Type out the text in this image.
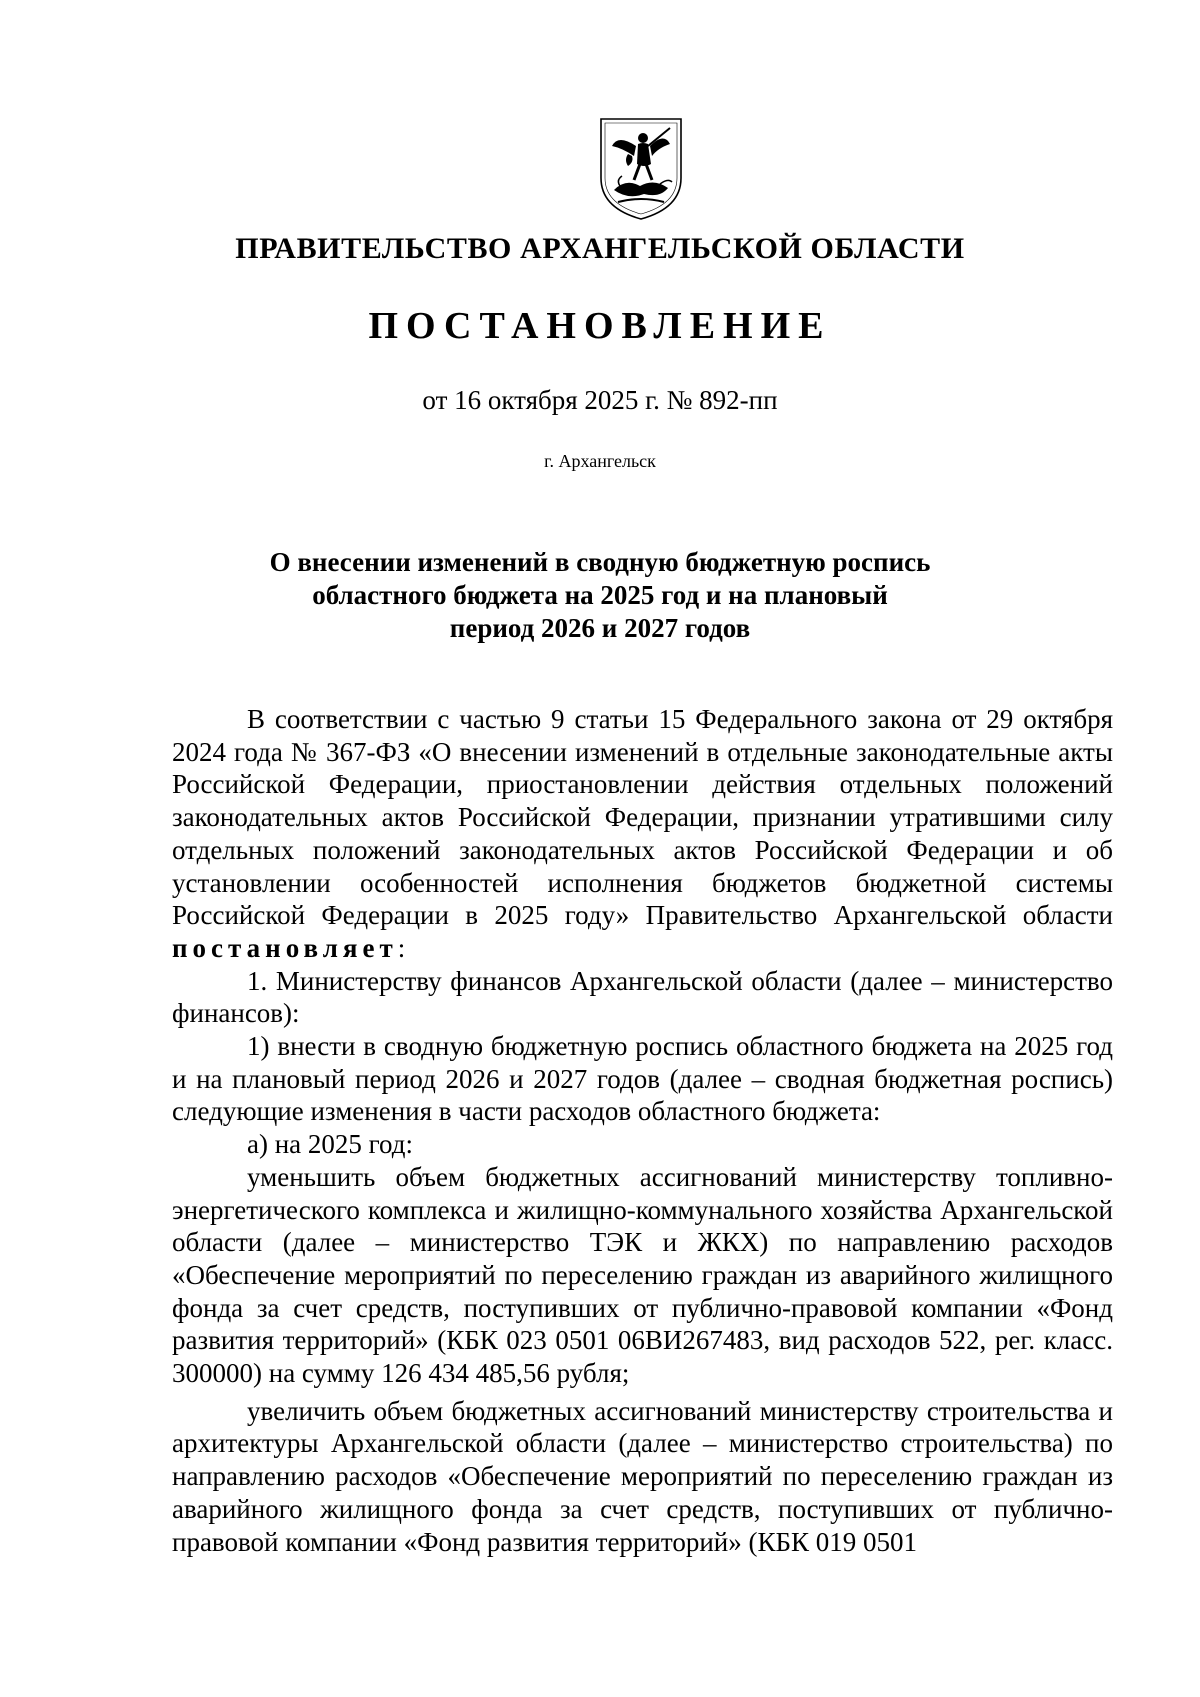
ПРАВИТЕЛЬСТВО АРХАНГЕЛЬСКОЙ ОБЛАСТИ
ПОСТАНОВЛЕНИЕ
от 16 октября 2025 г. № 892-пп
г. Архангельск
О внесении изменений в сводную бюджетную роспись
областного бюджета на 2025 год и на плановый
период 2026 и 2027 годов

В соответствии с частью 9 статьи 15 Федерального закона от 29 октября 2024 года № 367-ФЗ «О внесении изменений в отдельные законодательные акты Российской Федерации, приостановлении действия отдельных положений законодательных актов Российской Федерации, признании утратившими силу отдельных положений законодательных актов Российской Федерации и об установлении особенностей исполнения бюджетов бюджетной системы Российской Федерации в 2025 году» Правительство Архангельской области постановляет:

1. Министерству финансов Архангельской области (далее – министерство финансов):

1) внести в сводную бюджетную роспись областного бюджета на 2025 год и на плановый период 2026 и 2027 годов (далее – сводная бюджетная роспись) следующие изменения в части расходов областного бюджета:

а) на 2025 год:

уменьшить объем бюджетных ассигнований министерству топливно-энергетического комплекса и жилищно-коммунального хозяйства Архангельской области (далее – министерство ТЭК и ЖКХ) по направлению расходов «Обеспечение мероприятий по переселению граждан из аварийного жилищного фонда за счет средств, поступивших от публично-правовой компании «Фонд развития территорий» (КБК 023 0501 06ВИ267483, вид расходов 522, рег. класс. 300000) на сумму 126 434 485,56 рубля;

увеличить объем бюджетных ассигнований министерству строительства и архитектуры Архангельской области (далее – министерство строительства) по направлению расходов «Обеспечение мероприятий по переселению граждан из аварийного жилищного фонда за счет средств, поступивших от публично-правовой компании «Фонд развития территорий» (КБК 019 0501
